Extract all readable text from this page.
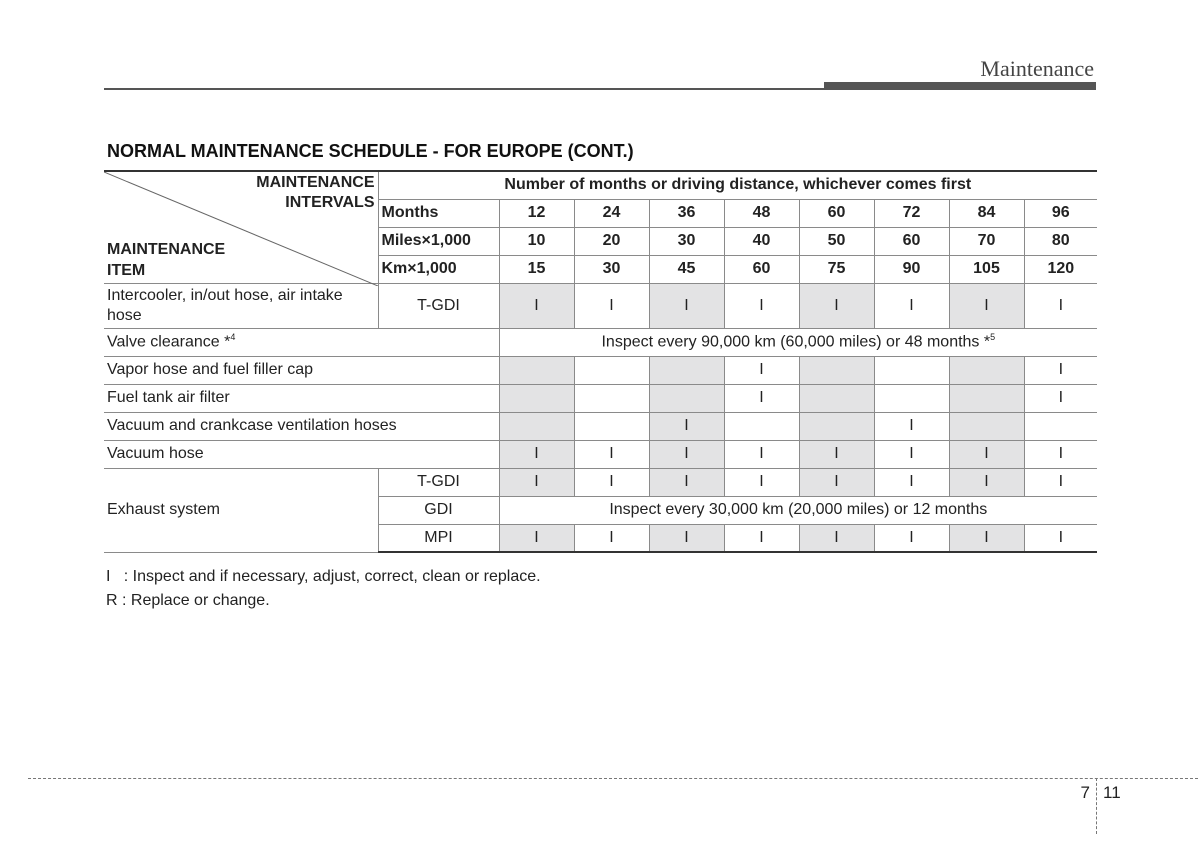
Maintenance
NORMAL MAINTENANCE SCHEDULE - FOR EUROPE (CONT.)
MAINTENANCE
INTERVALS
MAINTENANCE
ITEM	Number of months or driving distance, whichever comes first								
	Months	12	24	36	48	60	72	84	96
	Miles×1,000	10	20	30	40	50	60	70	80
	Km×1,000	15	30	45	60	75	90	105	120
Intercooler, in/out hose, air intake hose	T-GDI	I	I	I	I	I	I	I	I
Valve clearance *$^4$		Inspect every 90,000 km (60,000 miles) or 48 months *$^5$
Vapor hose and fuel filler cap					I				I
Fuel tank air filter					I				I
Vacuum and crankcase ventilation hoses				I			I		
Vacuum hose		I	I	I	I	I	I	I	I
Exhaust system	T-GDI	I	I	I	I	I	I	I	I
	GDI	Inspect every 30,000 km (20,000 miles) or 12 months							
	MPI	I	I	I	I	I	I	I	I
I   : Inspect and if necessary, adjust, correct, clean or replace.
R : Replace or change.
7 11
